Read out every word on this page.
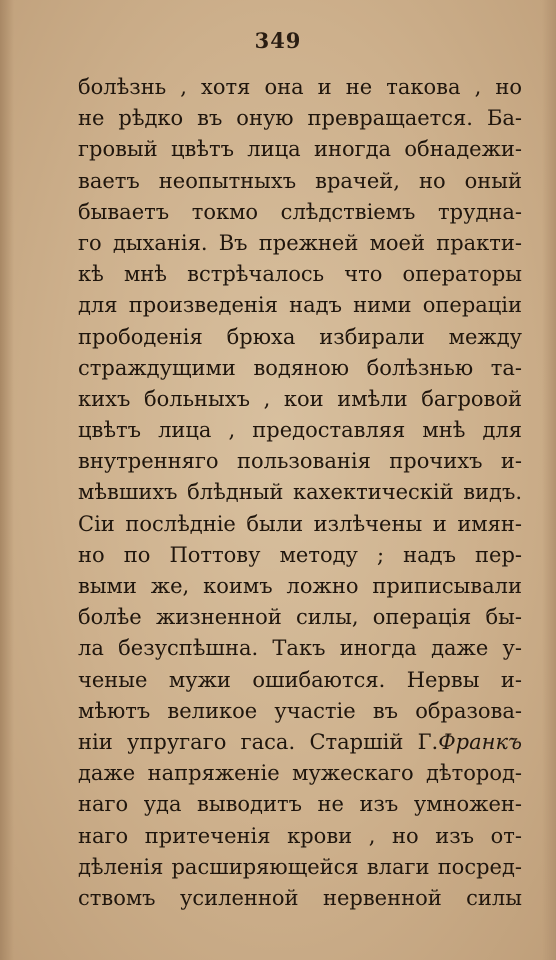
349
болѣзнь , хотя она и не такова , но
не рѣдко въ оную превращается. Ба-
гровый цвѣтъ лица иногда обнадежи-
ваетъ неопытныхъ врачей, но оный
бываетъ токмо слѣдствіемъ трудна-
го дыханія. Въ прежней моей практи-
кѣ мнѣ встрѣчалось что операторы
для произведенія надъ ними операціи
прободенія брюха избирали между
страждущими водяною болѣзнью та-
кихъ больныхъ , кои имѣли багровой
цвѣтъ лица , предоставляя мнѣ для
внутренняго пользованія прочихъ и-
мѣвшихъ блѣдный кахектическій видъ.
Сіи послѣдніе были излѣчены и имян-
но по Поттову методу ; надъ пер-
выми же, коимъ ложно приписывали
болѣе жизненной силы, операція бы-
ла безуспѣшна. Такъ иногда даже у-
ченые мужи ошибаются. Нервы и-
мѣютъ великое участіе въ образова-
ніи упругаго гаса. Старшій Г.Франкъ
даже напряженіе мужескаго дѣтород-
наго уда выводитъ не изъ умножен-
наго притеченія крови , но изъ от-
дѣленія расширяющейся влаги посред-
ствомъ усиленной нервенной силы
